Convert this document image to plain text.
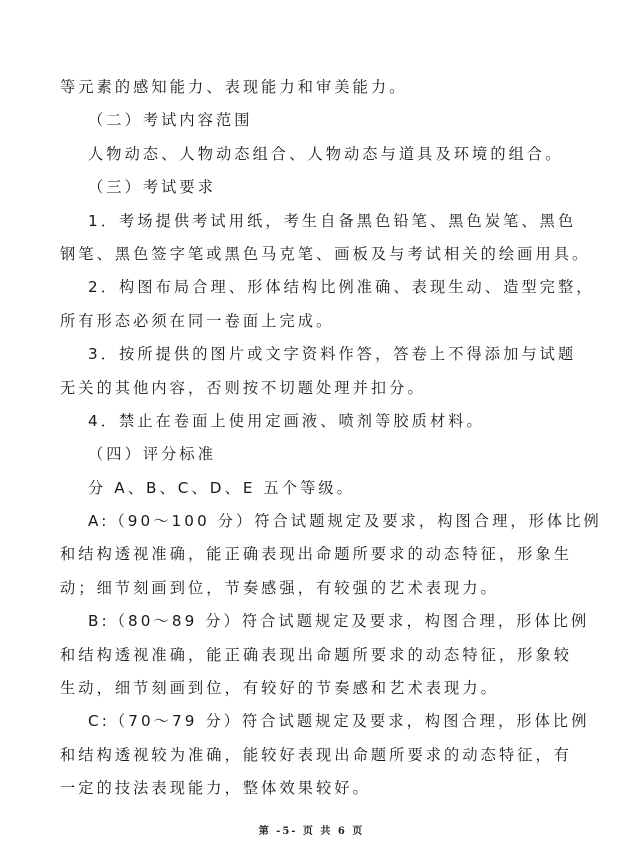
等元素的感知能力、表现能力和审美能力。
（二）考试内容范围
人物动态、人物动态组合、人物动态与道具及环境的组合。
（三）考试要求
1．考场提供考试用纸，考生自备黑色铅笔、黑色炭笔、黑色
钢笔、黑色签字笔或黑色马克笔、画板及与考试相关的绘画用具。
2．构图布局合理、形体结构比例准确、表现生动、造型完整，
所有形态必须在同一卷面上完成。
3．按所提供的图片或文字资料作答，答卷上不得添加与试题
无关的其他内容，否则按不切题处理并扣分。
4．禁止在卷面上使用定画液、喷剂等胶质材料。
（四）评分标准
分 A、B、C、D、E 五个等级。
A:（90～100 分）符合试题规定及要求，构图合理，形体比例
和结构透视准确，能正确表现出命题所要求的动态特征，形象生
动；细节刻画到位，节奏感强，有较强的艺术表现力。
B:（80～89 分）符合试题规定及要求，构图合理，形体比例
和结构透视准确，能正确表现出命题所要求的动态特征，形象较
生动，细节刻画到位，有较好的节奏感和艺术表现力。
C:（70～79 分）符合试题规定及要求，构图合理，形体比例
和结构透视较为准确，能较好表现出命题所要求的动态特征，有
一定的技法表现能力，整体效果较好。
第 -5- 页 共 6 页
